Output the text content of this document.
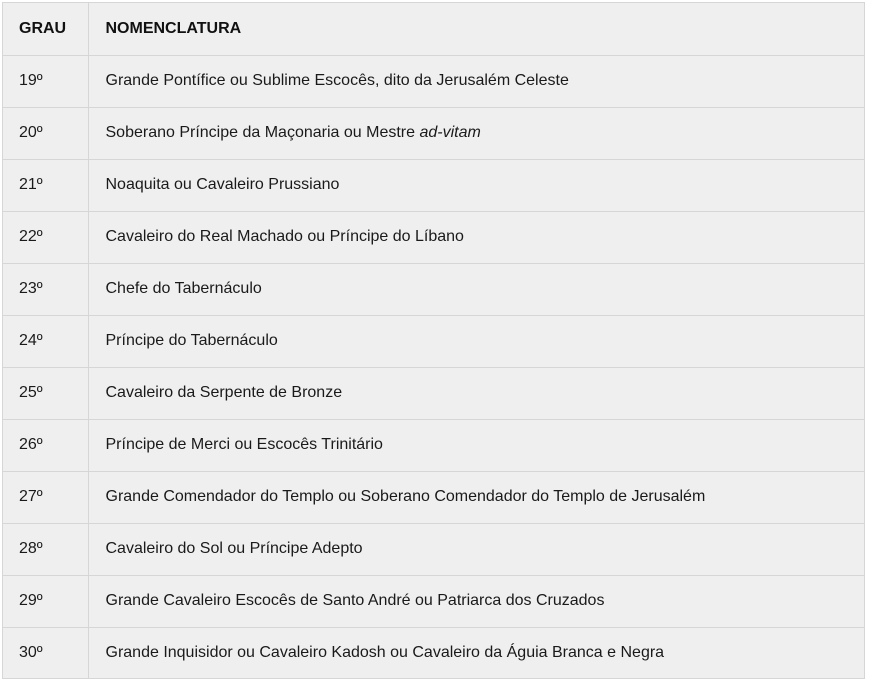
GRAU	NOMENCLATURA
19º	Grande Pontífice ou Sublime Escocês, dito da Jerusalém Celeste
20º	Soberano Príncipe da Maçonaria ou Mestre ad-vitam
21º	Noaquita ou Cavaleiro Prussiano
22º	Cavaleiro do Real Machado ou Príncipe do Líbano
23º	Chefe do Tabernáculo
24º	Príncipe do Tabernáculo
25º	Cavaleiro da Serpente de Bronze
26º	Príncipe de Merci ou Escocês Trinitário
27º	Grande Comendador do Templo ou Soberano Comendador do Templo de Jerusalém
28º	Cavaleiro do Sol ou Príncipe Adepto
29º	Grande Cavaleiro Escocês de Santo André ou Patriarca dos Cruzados
30º	Grande Inquisidor ou Cavaleiro Kadosh ou Cavaleiro da Águia Branca e Negra
